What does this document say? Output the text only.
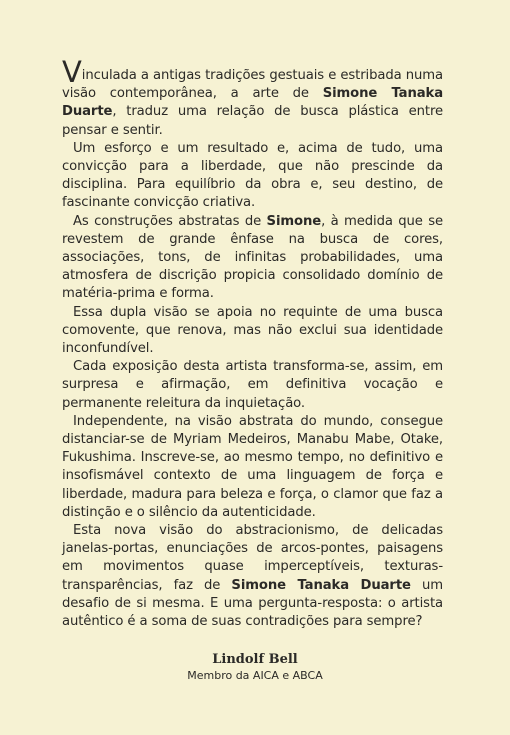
Vinculada a antigas tradições gestuais e estribada numa visão contemporânea, a arte de Simone Tanaka Duarte, traduz uma relação de busca plástica entre pensar e sentir.

Um esforço e um resultado e, acima de tudo, uma convicção para a liberdade, que não prescinde da disciplina. Para equilíbrio da obra e, seu destino, de fascinante convicção criativa.

As construções abstratas de Simone, à medida que se revestem de grande ênfase na busca de cores, associações, tons, de infinitas probabilidades, uma atmosfera de discrição propicia consolidado domínio de matéria-prima e forma.

Essa dupla visão se apoia no requinte de uma busca comovente, que renova, mas não exclui sua identidade inconfundível.

Cada exposição desta artista transforma-se, assim, em surpresa e afirmação, em definitiva vocação e permanente releitura da inquietação.

Independente, na visão abstrata do mundo, consegue distanciar-se de Myriam Medeiros, Manabu Mabe, Otake, Fukushima. Inscreve-se, ao mesmo tempo, no definitivo e insofismável contexto de uma linguagem de força e liberdade, madura para beleza e força, o clamor que faz a distinção e o silêncio da autenticidade.

Esta nova visão do abstracionismo, de delicadas janelas-portas, enunciações de arcos-pontes, paisagens em movimentos quase imperceptíveis, texturas-transparências, faz de Simone Tanaka Duarte um desafio de si mesma. E uma pergunta-resposta: o artista autêntico é a soma de suas contradições para sempre?

Lindolf Bell
Membro da AICA e ABCA
